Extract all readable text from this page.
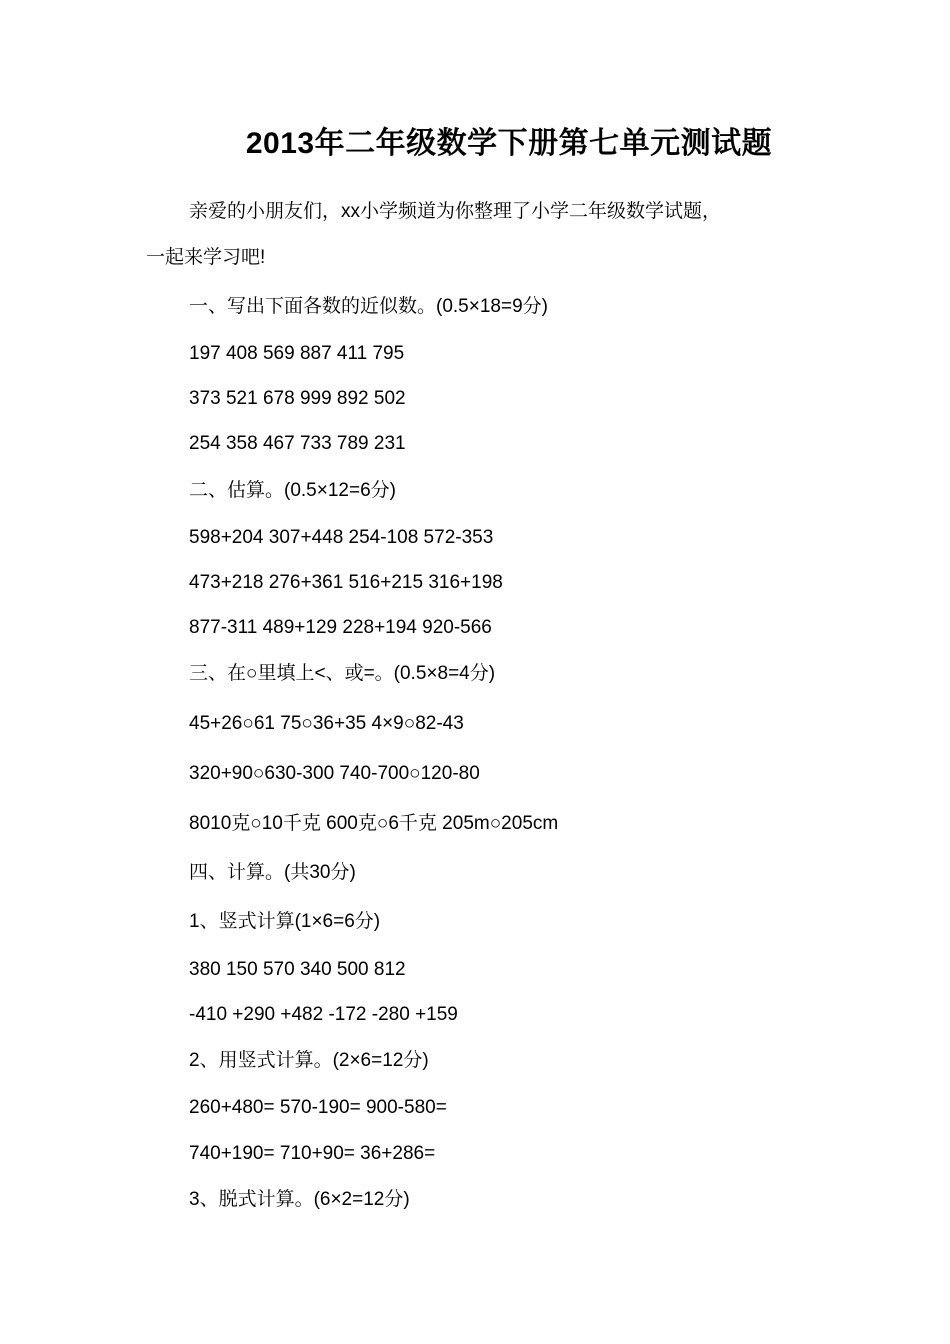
2013年二年级数学下册第七单元测试题
亲爱的小朋友们，xx小学频道为你整理了小学二年级数学试题，
一起来学习吧!
一、写出下面各数的近似数。(0.5×18=9分)
197 408 569 887 411 795
373 521 678 999 892 502
254 358 467 733 789 231
二、估算。(0.5×12=6分)
598+204 307+448 254-108 572-353
473+218 276+361 516+215 316+198
877-311 489+129 228+194 920-566
三、在○里填上<、或=。(0.5×8=4分)
45+26○61 75○36+35 4×9○82-43
320+90○630-300 740-700○120-80
8010克○10千克 600克○6千克 205m○205cm
四、计算。(共30分)
1、竖式计算(1×6=6分)
380 150 570 340 500 812
-410 +290 +482 -172 -280 +159
2、用竖式计算。(2×6=12分)
260+480= 570-190= 900-580=
740+190= 710+90= 36+286=
3、脱式计算。(6×2=12分)
